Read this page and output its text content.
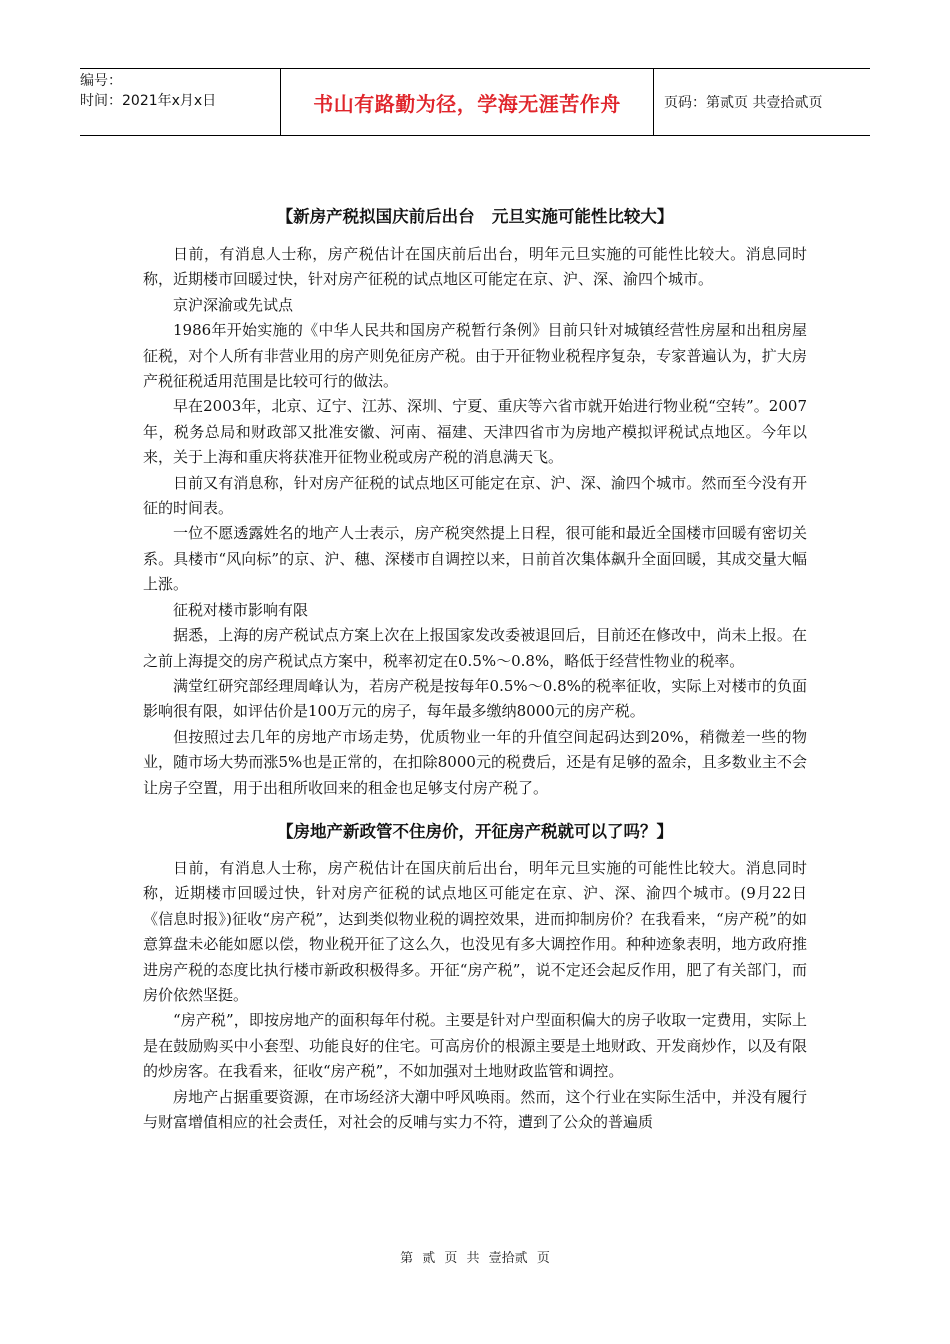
编号：
时间：2021年x月x日	书山有路勤为径，学海无涯苦作舟	页码：第贰页 共壹拾贰页
【新房产税拟国庆前后出台   元旦实施可能性比较大】

日前，有消息人士称，房产税估计在国庆前后出台，明年元旦实施的可能性比较大。消息同时称，近期楼市回暖过快，针对房产征税的试点地区可能定在京、沪、深、渝四个城市。

京沪深渝或先试点

1986年开始实施的《中华人民共和国房产税暂行条例》目前只针对城镇经营性房屋和出租房屋征税，对个人所有非营业用的房产则免征房产税。由于开征物业税程序复杂，专家普遍认为，扩大房产税征税适用范围是比较可行的做法。

早在2003年，北京、辽宁、江苏、深圳、宁夏、重庆等六省市就开始进行物业税“空转”。2007年，税务总局和财政部又批准安徽、河南、福建、天津四省市为房地产模拟评税试点地区。今年以来，关于上海和重庆将获准开征物业税或房产税的消息满天飞。

日前又有消息称，针对房产征税的试点地区可能定在京、沪、深、渝四个城市。然而至今没有开征的时间表。

一位不愿透露姓名的地产人士表示，房产税突然提上日程，很可能和最近全国楼市回暖有密切关系。具楼市“风向标”的京、沪、穗、深楼市自调控以来，日前首次集体飙升全面回暖，其成交量大幅上涨。

征税对楼市影响有限

据悉，上海的房产税试点方案上次在上报国家发改委被退回后，目前还在修改中，尚未上报。在之前上海提交的房产税试点方案中，税率初定在0.5%～0.8%，略低于经营性物业的税率。

满堂红研究部经理周峰认为，若房产税是按每年0.5%～0.8%的税率征收，实际上对楼市的负面影响很有限，如评估价是100万元的房子，每年最多缴纳8000元的房产税。

但按照过去几年的房地产市场走势，优质物业一年的升值空间起码达到20%，稍微差一些的物业，随市场大势而涨5%也是正常的，在扣除8000元的税费后，还是有足够的盈余，且多数业主不会让房子空置，用于出租所收回来的租金也足够支付房产税了。

【房地产新政管不住房价，开征房产税就可以了吗？】

日前，有消息人士称，房产税估计在国庆前后出台，明年元旦实施的可能性比较大。消息同时称，近期楼市回暖过快，针对房产征税的试点地区可能定在京、沪、深、渝四个城市。(9月22日《信息时报》)征收“房产税”，达到类似物业税的调控效果，进而抑制房价？在我看来，“房产税”的如意算盘未必能如愿以偿，物业税开征了这么久，也没见有多大调控作用。种种迹象表明，地方政府推进房产税的态度比执行楼市新政积极得多。开征“房产税”，说不定还会起反作用，肥了有关部门，而房价依然坚挺。

“房产税”，即按房地产的面积每年付税。主要是针对户型面积偏大的房子收取一定费用，实际上是在鼓励购买中小套型、功能良好的住宅。可高房价的根源主要是土地财政、开发商炒作，以及有限的炒房客。在我看来，征收“房产税”，不如加强对土地财政监管和调控。

房地产占据重要资源，在市场经济大潮中呼风唤雨。然而，这个行业在实际生活中，并没有履行与财富增值相应的社会责任，对社会的反哺与实力不符，遭到了公众的普遍质

第 贰 页 共 壹拾贰 页
